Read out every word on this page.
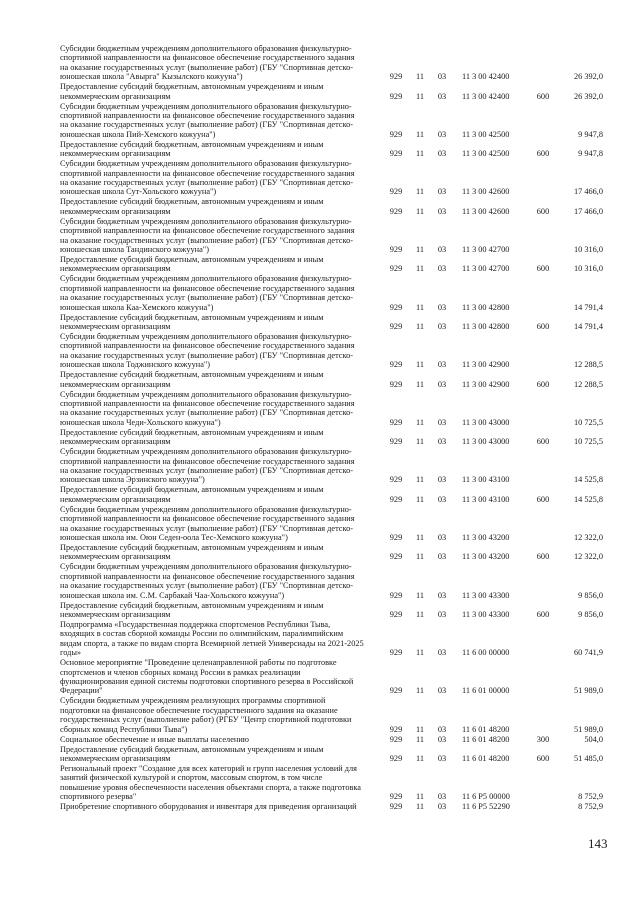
Субсидии бюджетным учреждениям дополнительного образования физкультурно-
спортивной направленности на финансовое обеспечение государственного задания
на оказание государственных услуг (выполнение работ) (ГБУ "Спортивная детско-
юношеская школа "Авырга" Кызылского кожууна")	929	11	03	11 3 00 42400	26 392,0
Предоставление субсидий бюджетным, автономным учреждениям и иным
некоммерческим организациям	929	11	03	11 3 00 42400	600	26 392,0
Субсидии бюджетным учреждениям дополнительного образования физкультурно-
спортивной направленности на финансовое обеспечение государственного задания
на оказание государственных услуг (выполнение работ) (ГБУ "Спортивная детско-
юношеская школа Пий-Хемского кожууна")	929	11	03	11 3 00 42500	9 947,8
Предоставление субсидий бюджетным, автономным учреждениям и иным
некоммерческим организациям	929	11	03	11 3 00 42500	600	9 947,8
Субсидии бюджетным учреждениям дополнительного образования физкультурно-
спортивной направленности на финансовое обеспечение государственного задания
на оказание государственных услуг (выполнение работ) (ГБУ "Спортивная детско-
юношеская школа Сут-Хольского кожууна")	929	11	03	11 3 00 42600	17 466,0
Предоставление субсидий бюджетным, автономным учреждениям и иным
некоммерческим организациям	929	11	03	11 3 00 42600	600	17 466,0
Субсидии бюджетным учреждениям дополнительного образования физкультурно-
спортивной направленности на финансовое обеспечение государственного задания
на оказание государственных услуг (выполнение работ) (ГБУ "Спортивная детско-
юношеская школа Тандинского кожууна")	929	11	03	11 3 00 42700	10 316,0
Предоставление субсидий бюджетным, автономным учреждениям и иным
некоммерческим организациям	929	11	03	11 3 00 42700	600	10 316,0
Субсидии бюджетным учреждениям дополнительного образования физкультурно-
спортивной направленности на финансовое обеспечение государственного задания
на оказание государственных услуг (выполнение работ) (ГБУ "Спортивная детско-
юношеская школа Каа-Хемского кожууна")	929	11	03	11 3 00 42800	14 791,4
Предоставление субсидий бюджетным, автономным учреждениям и иным
некоммерческим организациям	929	11	03	11 3 00 42800	600	14 791,4
Субсидии бюджетным учреждениям дополнительного образования физкультурно-
спортивной направленности на финансовое обеспечение государственного задания
на оказание государственных услуг (выполнение работ) (ГБУ "Спортивная детско-
юношеская школа Тоджинского кожууна")	929	11	03	11 3 00 42900	12 288,5
Предоставление субсидий бюджетным, автономным учреждениям и иным
некоммерческим организациям	929	11	03	11 3 00 42900	600	12 288,5
Субсидии бюджетным учреждениям дополнительного образования физкультурно-
спортивной направленности на финансовое обеспечение государственного задания
на оказание государственных услуг (выполнение работ) (ГБУ "Спортивная детско-
юношеская школа Чеди-Хольского кожууна")	929	11	03	11 3 00 43000	10 725,5
Предоставление субсидий бюджетным, автономным учреждениям и иным
некоммерческим организациям	929	11	03	11 3 00 43000	600	10 725,5
Субсидии бюджетным учреждениям дополнительного образования физкультурно-
спортивной направленности на финансовое обеспечение государственного задания
на оказание государственных услуг (выполнение работ) (ГБУ "Спортивная детско-
юношеская школа Эрзинского кожууна")	929	11	03	11 3 00 43100	14 525,8
Предоставление субсидий бюджетным, автономным учреждениям и иным
некоммерческим организациям	929	11	03	11 3 00 43100	600	14 525,8
Субсидии бюджетным учреждениям дополнительного образования физкультурно-
спортивной направленности на финансовое обеспечение государственного задания
на оказание государственных услуг (выполнение работ) (ГБУ "Спортивная детско-
юношеская школа им. Оюн Седен-оола Тес-Хемского кожууна")	929	11	03	11 3 00 43200	12 322,0
Предоставление субсидий бюджетным, автономным учреждениям и иным
некоммерческим организациям	929	11	03	11 3 00 43200	600	12 322,0
Субсидии бюджетным учреждениям дополнительного образования физкультурно-
спортивной направленности на финансовое обеспечение государственного задания
на оказание государственных услуг (выполнение работ) (ГБУ "Спортивная детско-
юношеская школа им. С.М. Сарбакай Чаа-Хольского кожууна")	929	11	03	11 3 00 43300	9 856,0
Предоставление субсидий бюджетным, автономным учреждениям и иным
некоммерческим организациям	929	11	03	11 3 00 43300	600	9 856,0
Подпрограмма «Государственная поддержка спортсменов Республики Тыва,
входящих в состав сборной команды России по олимпийским, паралимпийским
видам спорта, а также по видам спорта Всемирной летней Универсиады на 2021-2025
годы»	929	11	03	11 6 00 00000	60 741,9
Основное мероприятие "Проведение целенаправленной работы по подготовке
спортсменов и членов сборных команд России в рамках реализации
функционирования единой системы подготовки спортивного резерва в Российской
Федерации"	929	11	03	11 6 01 00000	51 989,0
Субсидии бюджетным учреждениям реализующих программы спортивной
подготовки на финансовое обеспечение государственного задания на оказание
государственных услуг (выполнение работ) (РГБУ "Центр спортивной подготовки
сборных команд Республики Тыва")	929	11	03	11 6 01 48200	51 989,0
Социальное обеспечение и иные выплаты населению	929	11	03	11 6 01 48200	300	504,0
Предоставление субсидий бюджетным, автономным учреждениям и иным
некоммерческим организациям	929	11	03	11 6 01 48200	600	51 485,0
Региональный проект "Создание для всех категорий и групп населения условий для
занятий физической культурой и спортом, массовым спортом, в том числе
повышение уровня обеспеченности населения объектами спорта, а также подготовка
спортивного резерва"	929	11	03	11 6 P5 00000	8 752,9
Приобретение спортивного оборудования и инвентаря для приведения организаций	929	11	03	11 6 P5 52290	8 752,9
143
